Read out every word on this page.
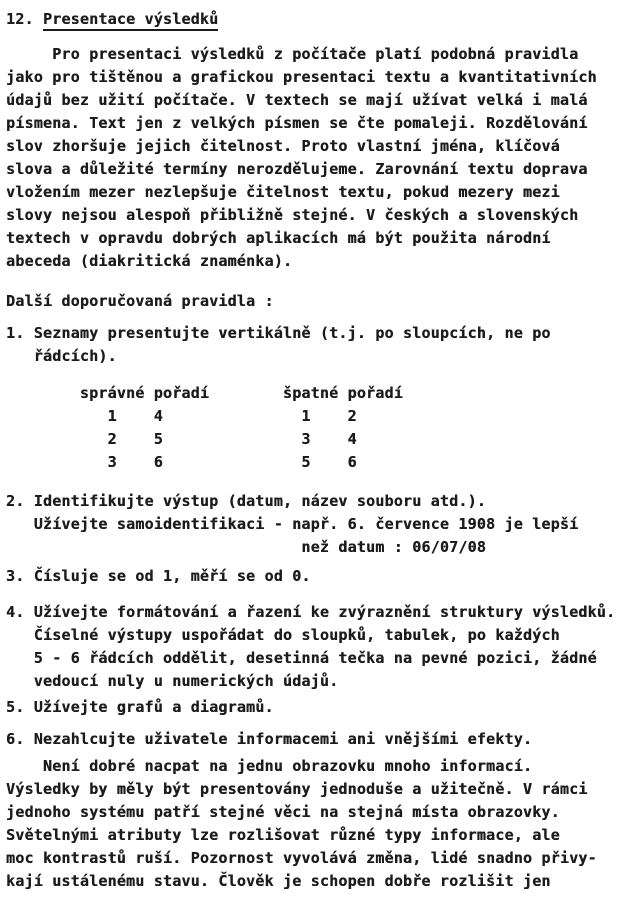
12. Presentace výsledků
Pro presentaci výsledků z počítače platí podobná pravidla
jako pro tištěnou a grafickou presentaci textu a kvantitativních
údajů bez užití počítače. V textech se mají užívat velká i malá
písmena. Text jen z velkých písmen se čte pomaleji. Rozdělování
slov zhoršuje jejich čitelnost. Proto vlastní jména, klíčová
slova a důležité termíny nerozdělujeme. Zarovnání textu doprava
vložením mezer nezlepšuje čitelnost textu, pokud mezery mezi
slovy nejsou alespoň přibližně stejné. V českých a slovenských
textech v opravdu dobrých aplikacích má být použita národní
abeceda (diakritická znaménka).
Další doporučovaná pravidla :
1. Seznamy presentujte vertikálně (t.j. po sloupcích, ne po
řádcích).
správné pořadí        špatné pořadí
1    4               1    2
2    5               3    4
3    6               5    6
2. Identifikujte výstup (datum, název souboru atd.).
Užívejte samoidentifikaci - např. 6. července 1908 je lepší
než datum : 06/07/08
3. Čísluje se od 1, měří se od 0.
4. Užívejte formátování a řazení ke zvýraznění struktury výsledků.
Číselné výstupy uspořádat do sloupků, tabulek, po každých
5 - 6 řádcích oddělit, desetinná tečka na pevné pozici, žádné
vedoucí nuly u numerických údajů.
5. Užívejte grafů a diagramů.
6. Nezahlcujte uživatele informacemi ani vnějšími efekty.
Není dobré nacpat na jednu obrazovku mnoho informací.
Výsledky by měly být presentovány jednoduše a užitečně. V rámci
jednoho systému patří stejné věci na stejná místa obrazovky.
Světelnými atributy lze rozlišovat různé typy informace, ale
moc kontrastů ruší. Pozornost vyvolává změna, lidé snadno přivy-
kají ustálenému stavu. Člověk je schopen dobře rozlišit jen
